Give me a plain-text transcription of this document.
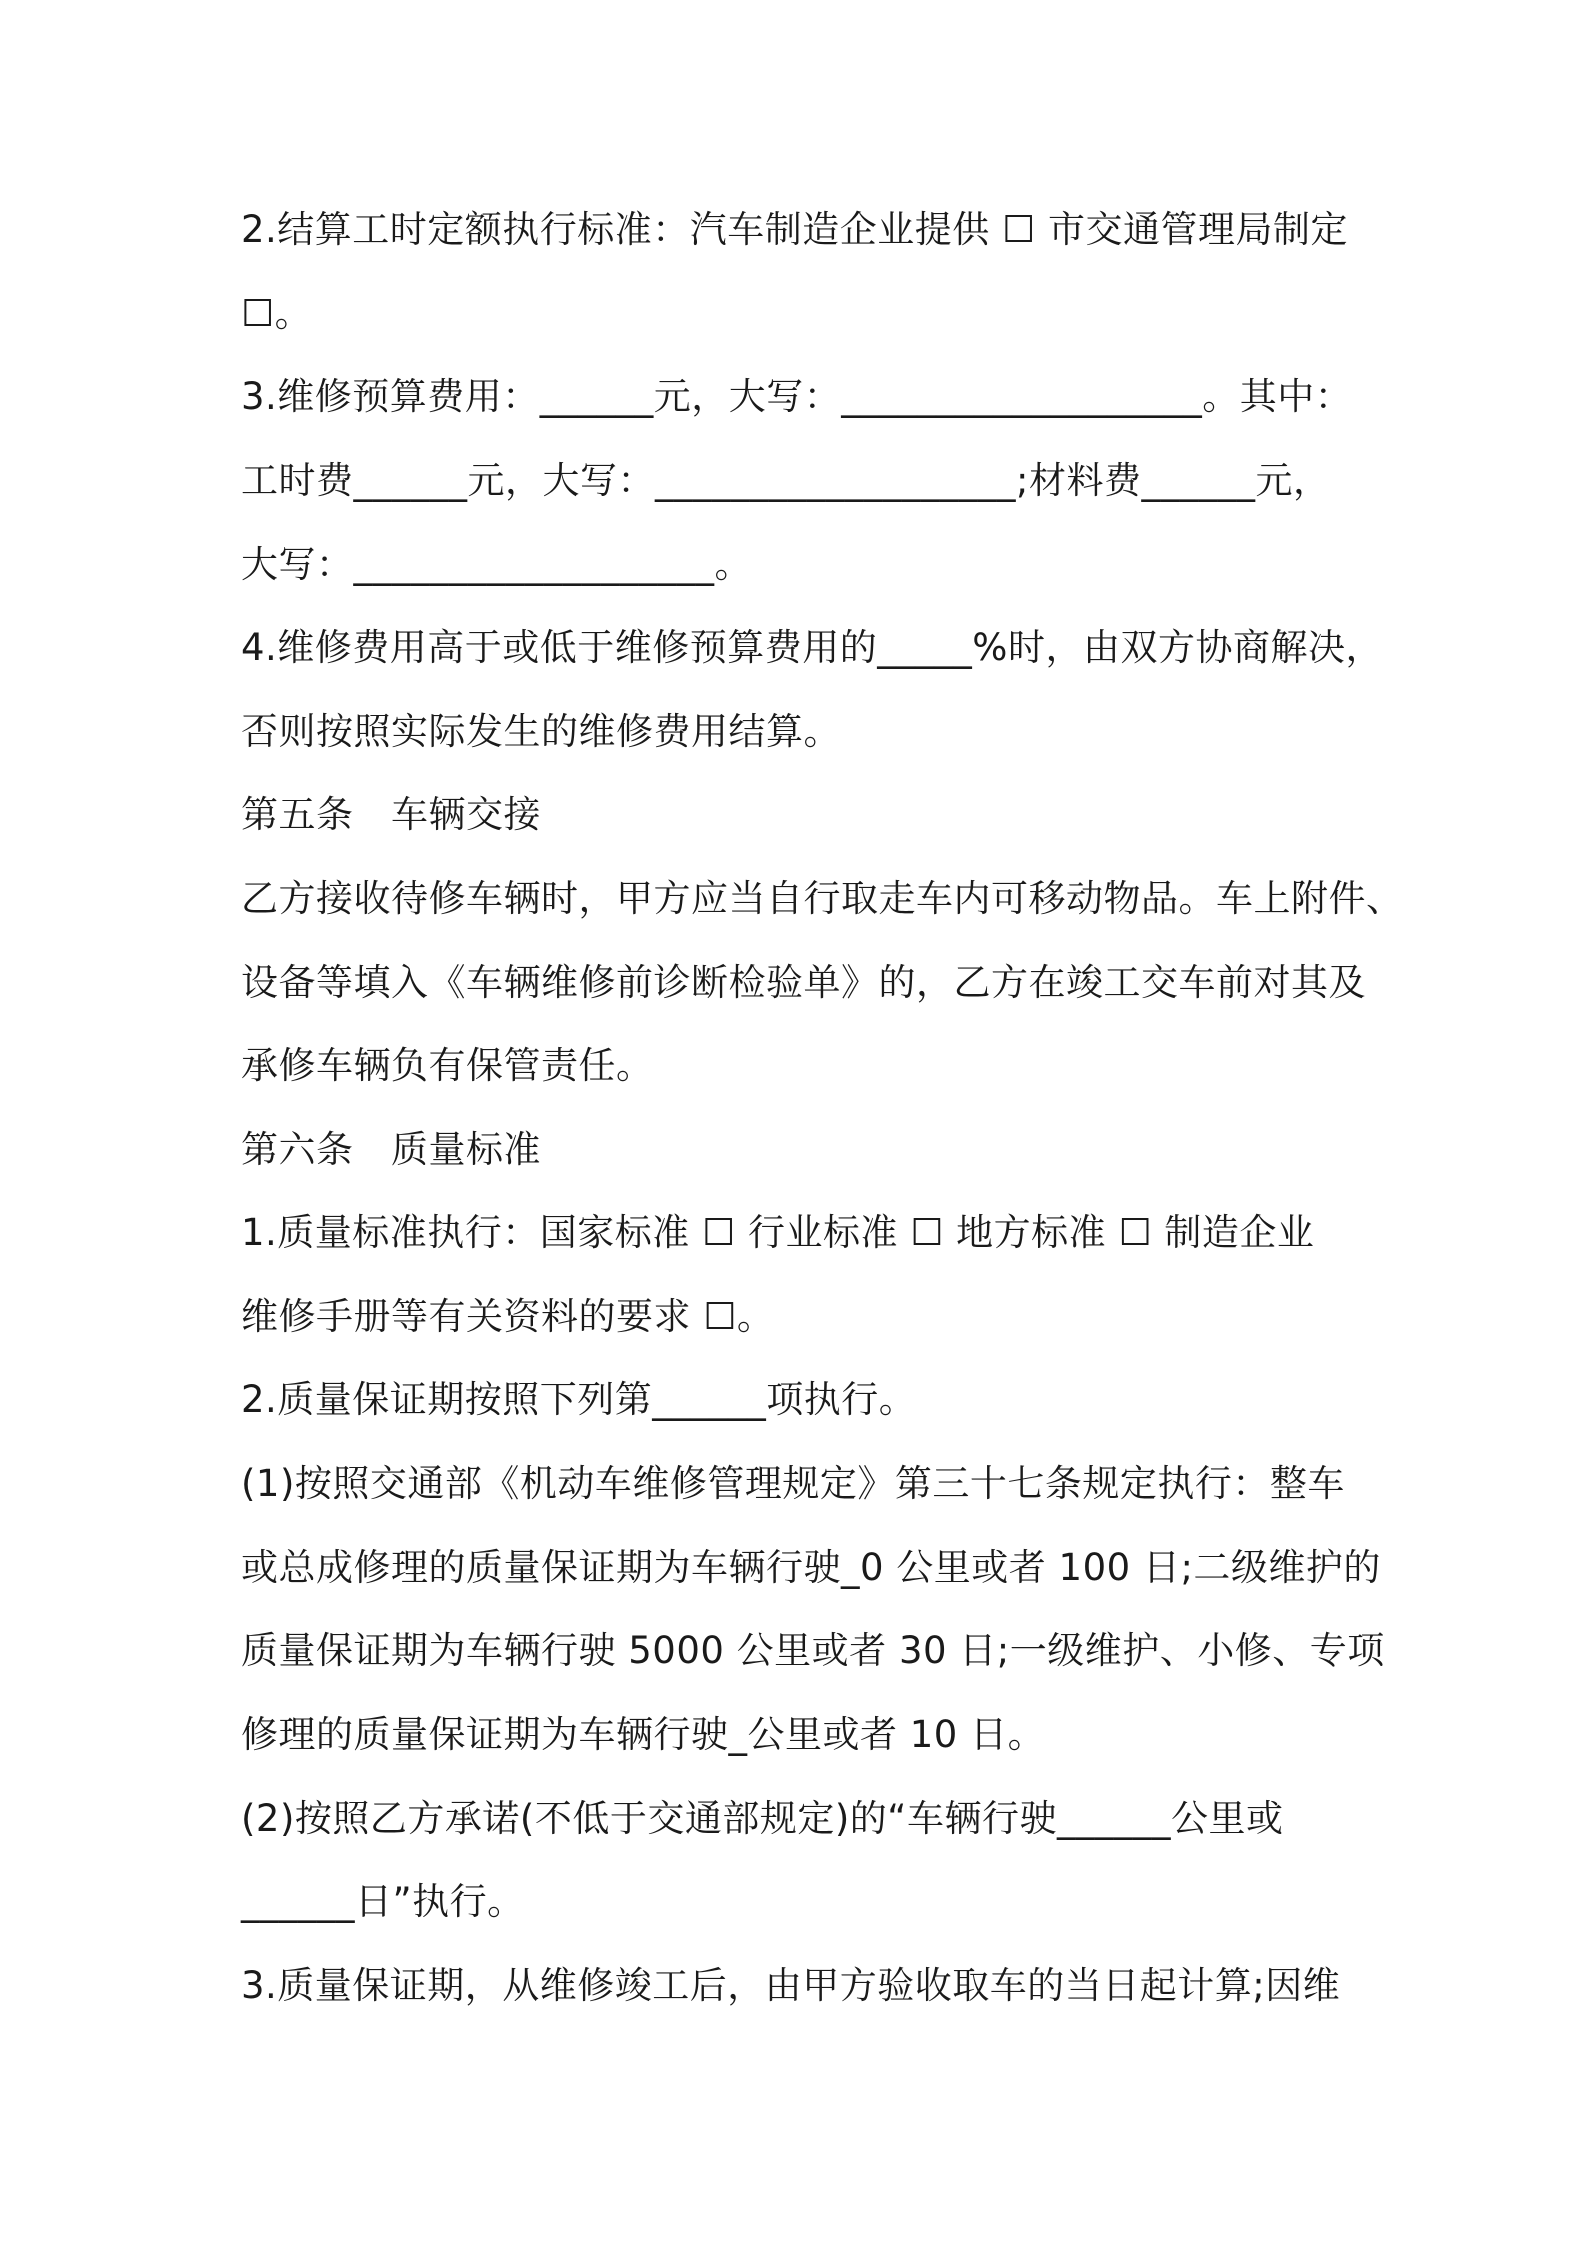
2.结算工时定额执行标准：汽车制造企业提供 ☐ 市交通管理局制定
☐。
3.维修预算费用：______元，大写：___________________。其中：
工时费______元，大写：___________________;材料费______元，
大写：___________________。
4.维修费用高于或低于维修预算费用的_____%时，由双方协商解决，
否则按照实际发生的维修费用结算。
第五条　车辆交接
乙方接收待修车辆时，甲方应当自行取走车内可移动物品。车上附件、
设备等填入《车辆维修前诊断检验单》的，乙方在竣工交车前对其及
承修车辆负有保管责任。
第六条　质量标准
1.质量标准执行：国家标准 ☐ 行业标准 ☐ 地方标准 ☐ 制造企业
维修手册等有关资料的要求 ☐。
2.质量保证期按照下列第______项执行。
(1)按照交通部《机动车维修管理规定》第三十七条规定执行：整车
或总成修理的质量保证期为车辆行驶_0 公里或者 100 日;二级维护的
质量保证期为车辆行驶 5000 公里或者 30 日;一级维护、小修、专项
修理的质量保证期为车辆行驶_公里或者 10 日。
(2)按照乙方承诺(不低于交通部规定)的“车辆行驶______公里或
______日”执行。
3.质量保证期，从维修竣工后，由甲方验收取车的当日起计算;因维
